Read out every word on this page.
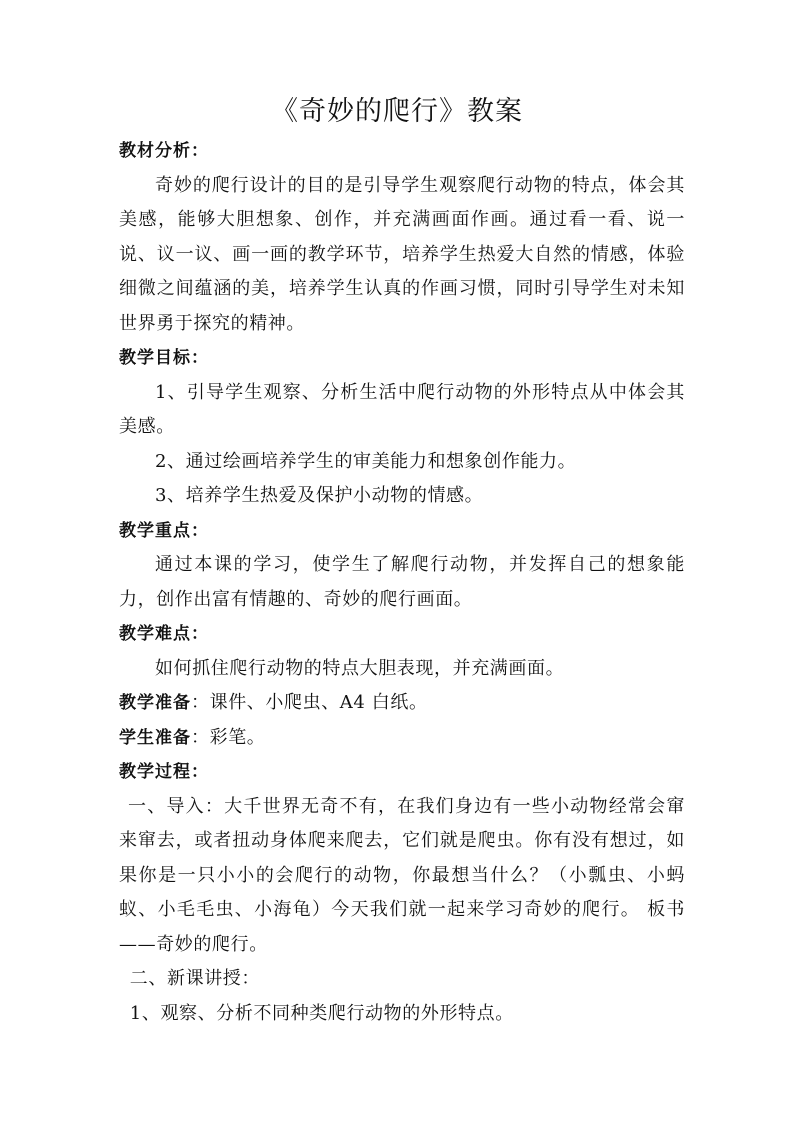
《奇妙的爬行》教案
教材分析：

奇妙的爬行设计的目的是引导学生观察爬行动物的特点，体会其美感，能够大胆想象、创作，并充满画面作画。通过看一看、说一说、议一议、画一画的教学环节，培养学生热爱大自然的情感，体验细微之间蕴涵的美，培养学生认真的作画习惯，同时引导学生对未知世界勇于探究的精神。

教学目标：

1、引导学生观察、分析生活中爬行动物的外形特点从中体会其美感。

2、通过绘画培养学生的审美能力和想象创作能力。

3、培养学生热爱及保护小动物的情感。

教学重点：

通过本课的学习，使学生了解爬行动物，并发挥自己的想象能力，创作出富有情趣的、奇妙的爬行画面。

教学难点：

如何抓住爬行动物的特点大胆表现，并充满画面。

教学准备：课件、小爬虫、A4 白纸。
学生准备：彩笔。
教学过程：

一、导入：大千世界无奇不有，在我们身边有一些小动物经常会窜来窜去，或者扭动身体爬来爬去，它们就是爬虫。你有没有想过，如果你是一只小小的会爬行的动物，你最想当什么？（小瓢虫、小蚂蚁、小毛毛虫、小海龟）今天我们就一起来学习奇妙的爬行。 板书——奇妙的爬行。

二、新课讲授：
1、观察、分析不同种类爬行动物的外形特点。
